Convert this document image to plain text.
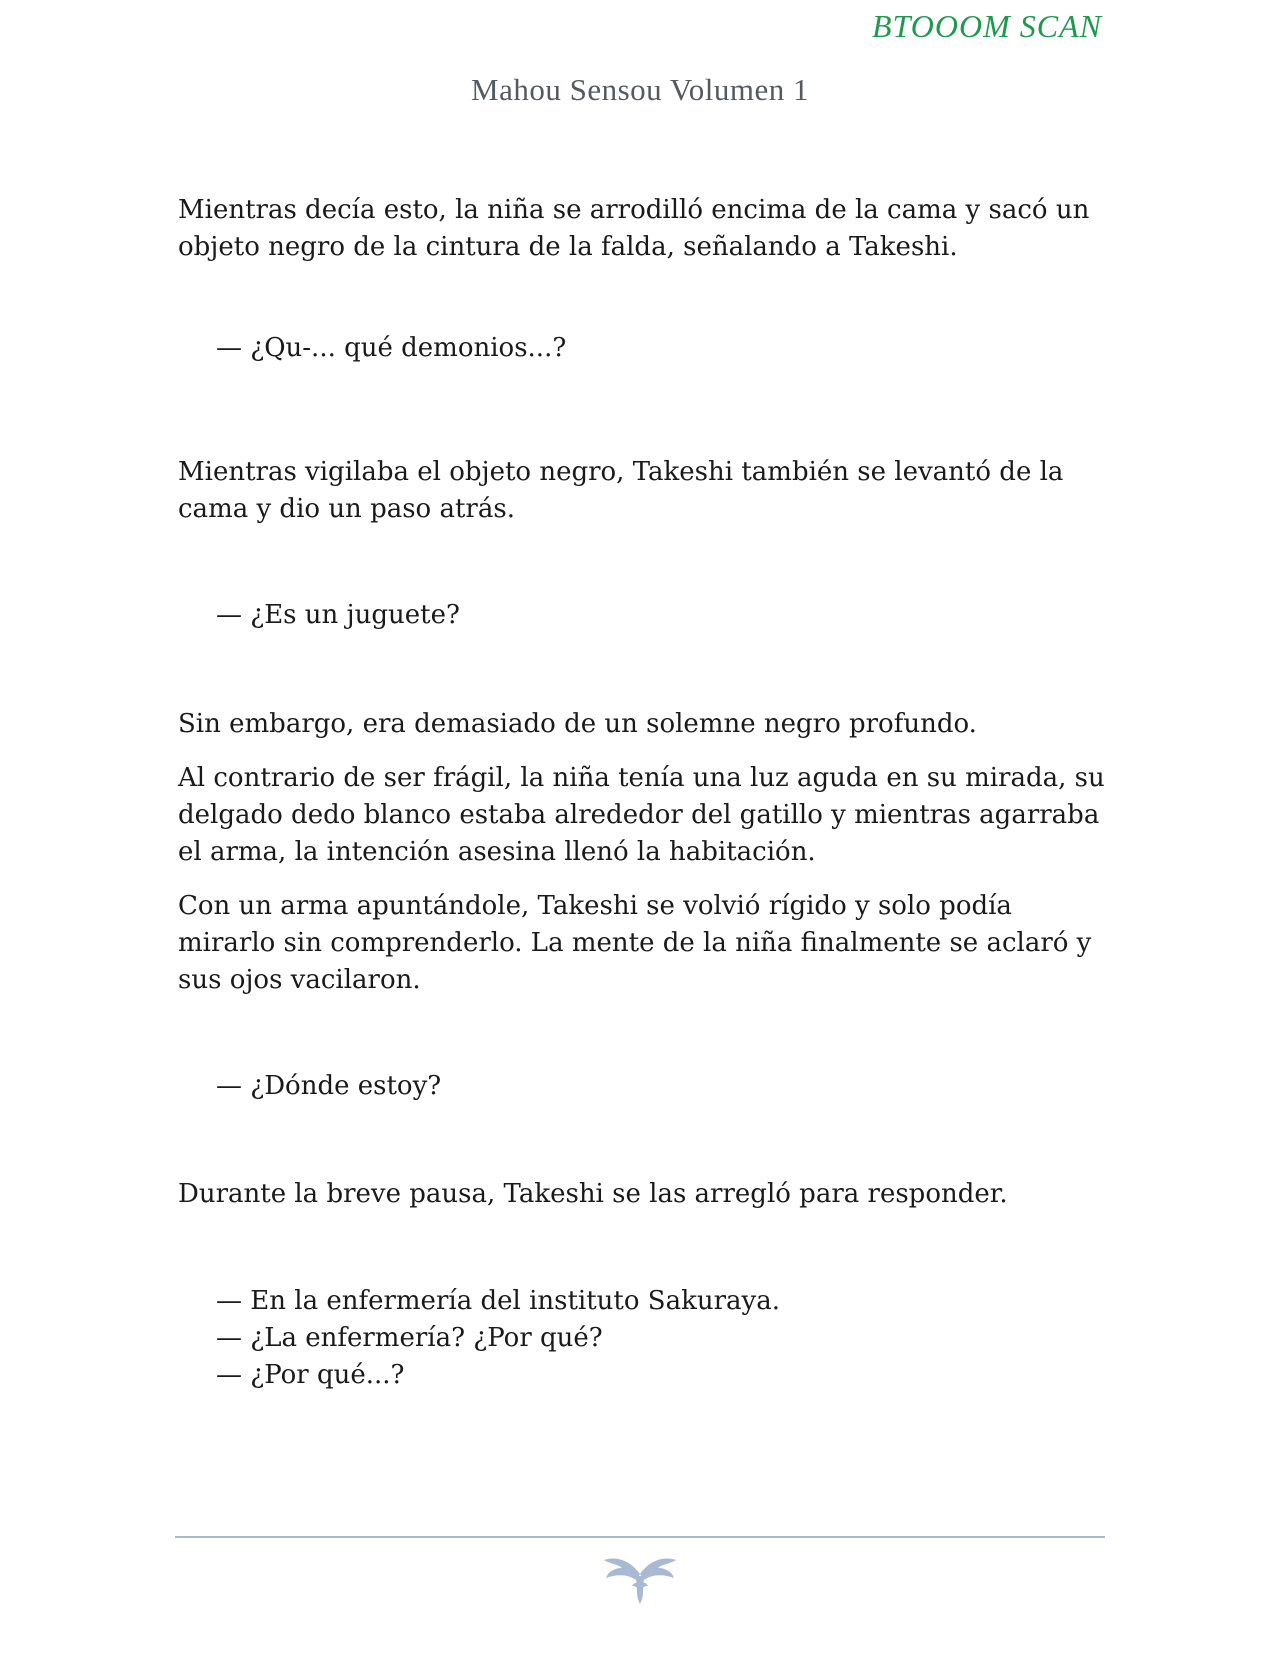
BTOOOM SCAN
Mahou Sensou Volumen 1

Mientras decía esto, la niña se arrodilló encima de la cama y sacó un objeto negro de la cintura de la falda, señalando a Takeshi.

— ¿Qu-... qué demonios...?

Mientras vigilaba el objeto negro, Takeshi también se levantó de la cama y dio un paso atrás.

— ¿Es un juguete?

Sin embargo, era demasiado de un solemne negro profundo.

Al contrario de ser frágil, la niña tenía una luz aguda en su mirada, su delgado dedo blanco estaba alrededor del gatillo y mientras agarraba el arma, la intención asesina llenó la habitación.

Con un arma apuntándole, Takeshi se volvió rígido y solo podía mirarlo sin comprenderlo. La mente de la niña finalmente se aclaró y sus ojos vacilaron.

— ¿Dónde estoy?

Durante la breve pausa, Takeshi se las arregló para responder.

— En la enfermería del instituto Sakuraya.
— ¿La enfermería? ¿Por qué?
— ¿Por qué...?
